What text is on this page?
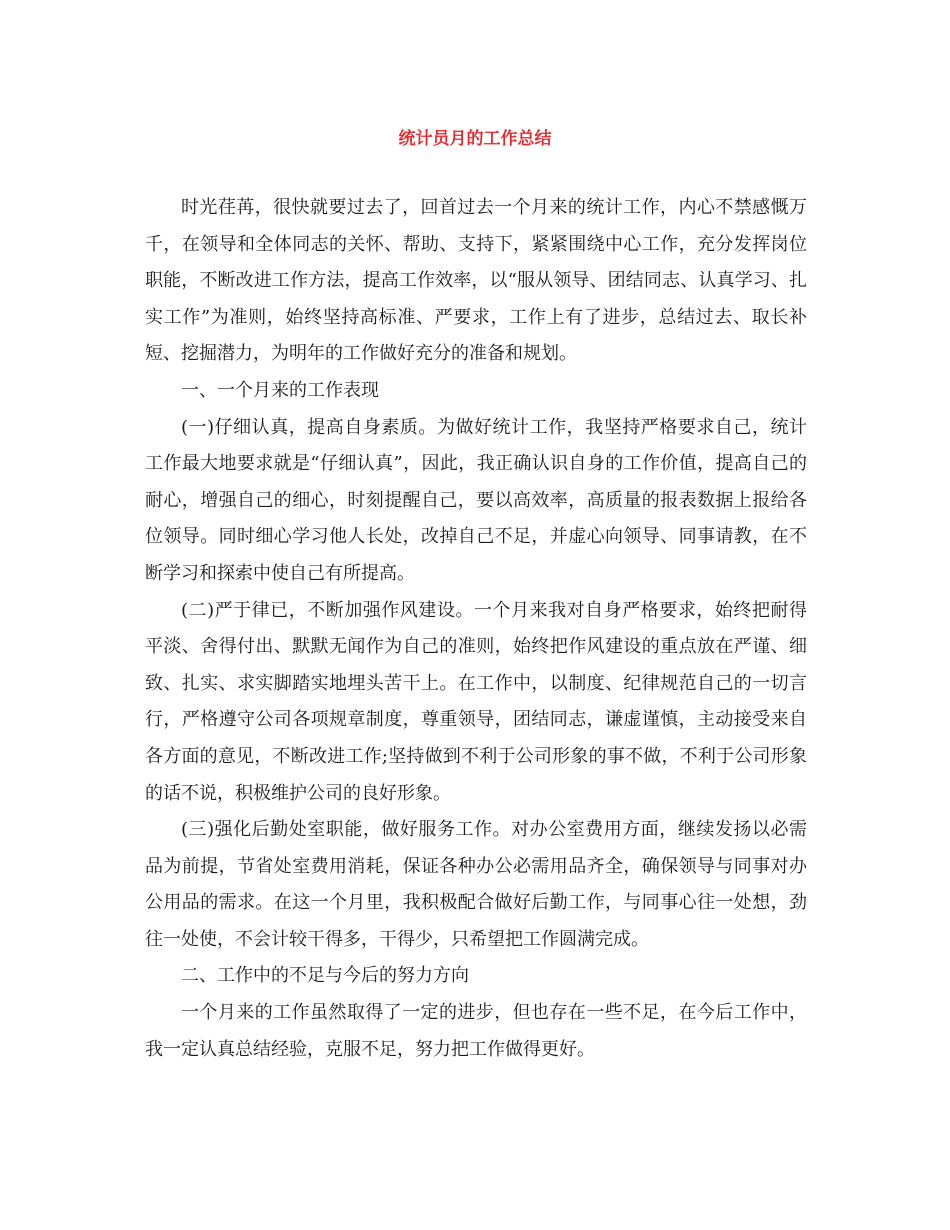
统计员月的工作总结

时光荏苒，很快就要过去了，回首过去一个月来的统计工作，内心不禁感慨万千，在领导和全体同志的关怀、帮助、支持下，紧紧围绕中心工作，充分发挥岗位职能，不断改进工作方法，提高工作效率，以“服从领导、团结同志、认真学习、扎实工作”为准则，始终坚持高标准、严要求，工作上有了进步，总结过去、取长补短、挖掘潜力，为明年的工作做好充分的准备和规划。

一、一个月来的工作表现

(一)仔细认真，提高自身素质。为做好统计工作，我坚持严格要求自己，统计工作最大地要求就是“仔细认真”，因此，我正确认识自身的工作价值，提高自己的耐心，增强自己的细心，时刻提醒自己，要以高效率，高质量的报表数据上报给各位领导。同时细心学习他人长处，改掉自己不足，并虚心向领导、同事请教，在不断学习和探索中使自己有所提高。

(二)严于律已，不断加强作风建设。一个月来我对自身严格要求，始终把耐得平淡、舍得付出、默默无闻作为自己的准则，始终把作风建设的重点放在严谨、细致、扎实、求实脚踏实地埋头苦干上。在工作中，以制度、纪律规范自己的一切言行，严格遵守公司各项规章制度，尊重领导，团结同志，谦虚谨慎，主动接受来自各方面的意见，不断改进工作;坚持做到不利于公司形象的事不做，不利于公司形象的话不说，积极维护公司的良好形象。

(三)强化后勤处室职能，做好服务工作。对办公室费用方面，继续发扬以必需品为前提，节省处室费用消耗，保证各种办公必需用品齐全，确保领导与同事对办公用品的需求。在这一个月里，我积极配合做好后勤工作，与同事心往一处想，劲往一处使，不会计较干得多，干得少，只希望把工作圆满完成。

二、工作中的不足与今后的努力方向

一个月来的工作虽然取得了一定的进步，但也存在一些不足，在今后工作中，我一定认真总结经验，克服不足，努力把工作做得更好。
